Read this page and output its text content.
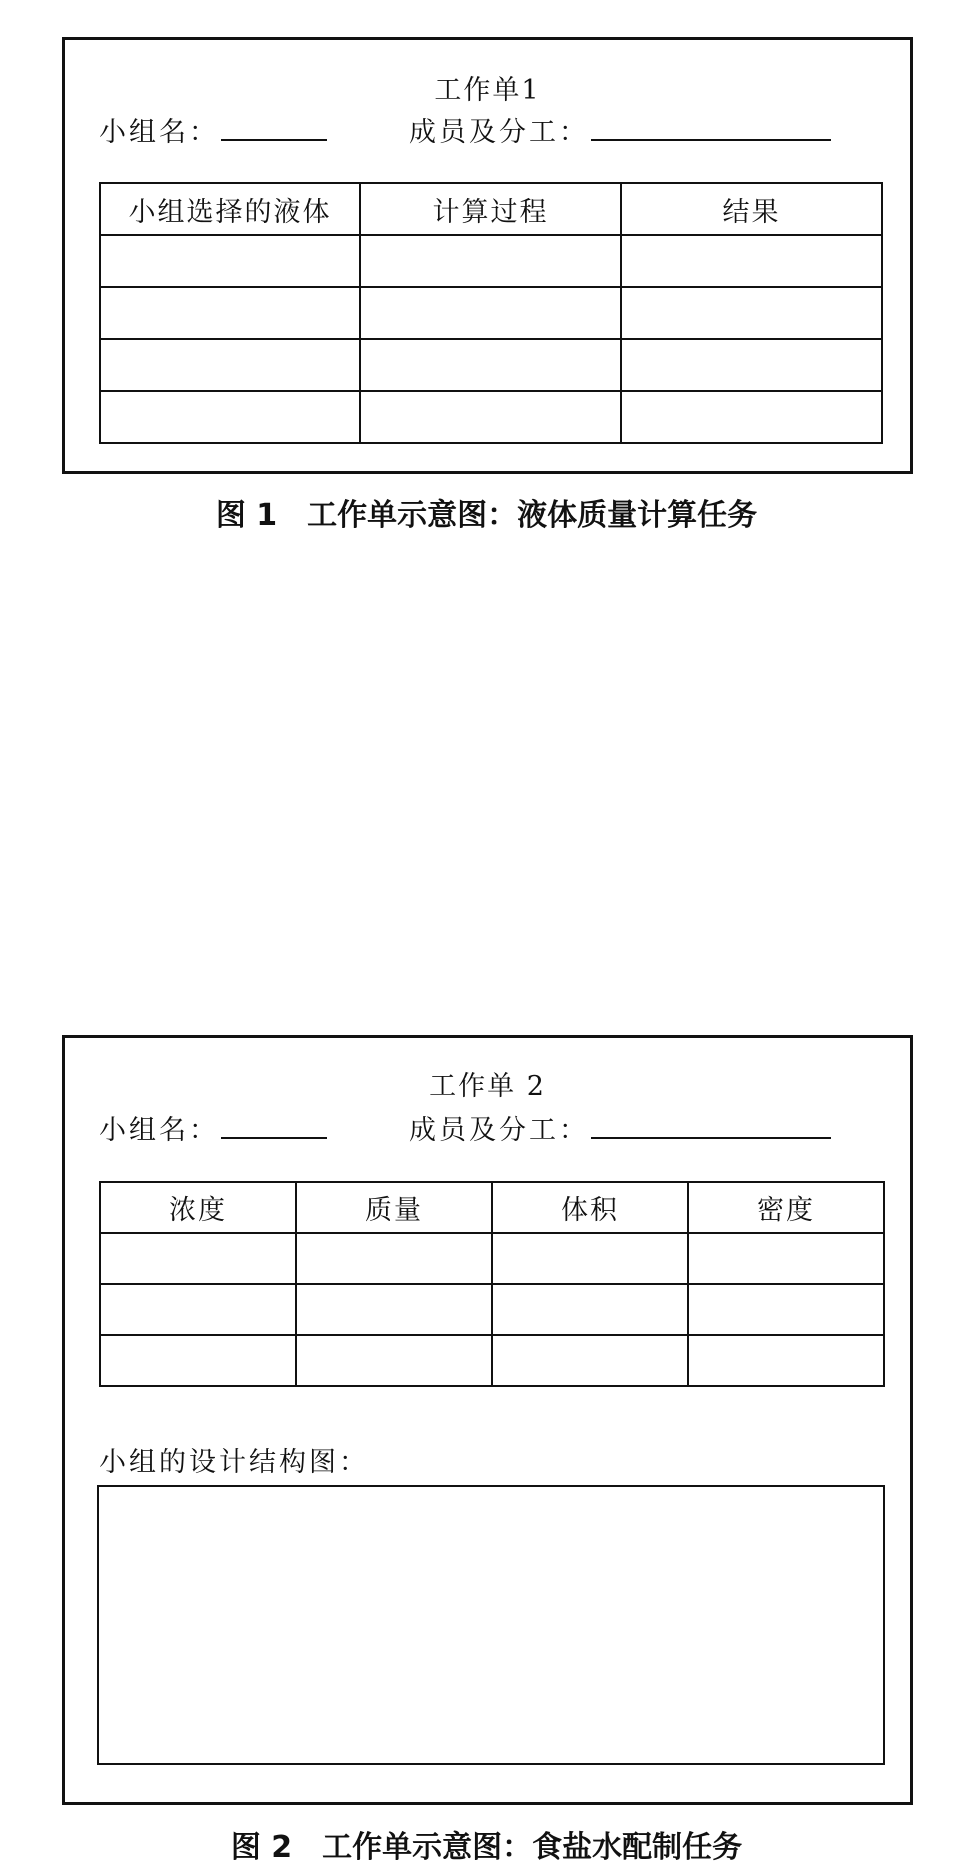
工作单1
小组名：	成员及分工：
小组选择的液体	计算过程	结果

图 1　工作单示意图：液体质量计算任务
工作单 2
小组名：	成员及分工：
浓度	质量	体积	密度

小组的设计结构图：
图 2　工作单示意图：食盐水配制任务
